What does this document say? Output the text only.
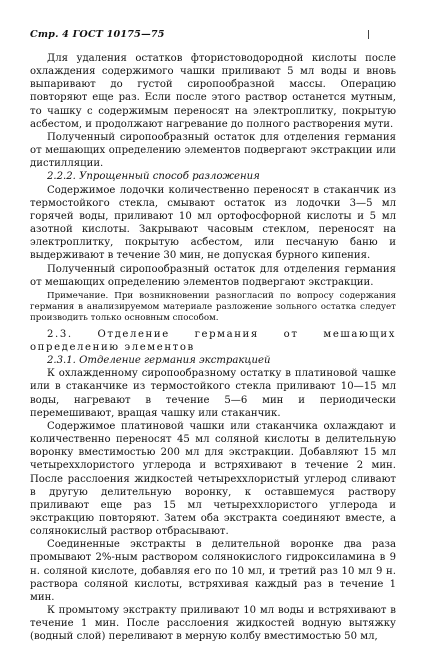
Стр. 4 ГОСТ 10175—75

Для удаления остатков фтористоводородной кислоты после охлаждения содержимого чашки приливают 5 мл воды и вновь выпаривают до густой сиропообразной массы. Операцию повторяют еще раз. Если после этого раствор останется мутным, то чашку с содержимым переносят на электроплитку, покрытую асбестом, и продолжают нагревание до полного растворения мути.

Полученный сиропообразный остаток для отделения германия от мешающих определению элементов подвергают экстракции или дистилляции.

2.2.2. Упрощенный способ разложения

Содержимое лодочки количественно переносят в стаканчик из термостойкого стекла, смывают остаток из лодочки 3—5 мл горячей воды, приливают 10 мл ортофосфорной кислоты и 5 мл азотной кислоты. Закрывают часовым стеклом, переносят на электроплитку, покрытую асбестом, или песчаную баню и выдерживают в течение 30 мин, не допуская бурного кипения.

Полученный сиропообразный остаток для отделения германия от мешающих определению элементов подвергают экстракции.

Примечание. При возникновении разногласий по вопросу содержания германия в анализируемом материале разложение зольного остатка следует производить только основным способом.

2.3. Отделение германия от мешающих определению элементов

2.3.1. Отделение германия экстракцией

К охлажденному сиропообразному остатку в платиновой чашке или в стаканчике из термостойкого стекла приливают 10—15 мл воды, нагревают в течение 5—6 мин и периодически перемешивают, вращая чашку или стаканчик.

Содержимое платиновой чашки или стаканчика охлаждают и количественно переносят 45 мл соляной кислоты в делительную воронку вместимостью 200 мл для экстракции. Добавляют 15 мл четыреххлористого углерода и встряхивают в течение 2 мин. После расслоения жидкостей четыреххлористый углерод сливают в другую делительную воронку, к оставшемуся раствору приливают еще раз 15 мл четыреххлористого углерода и экстракцию повторяют. Затем оба экстракта соединяют вместе, а солянокислый раствор отбрасывают.

Соединенные экстракты в делительной воронке два раза промывают 2%-ным раствором солянокислого гидроксиламина в 9 н. соляной кислоте, добавляя его по 10 мл, и третий раз 10 мл 9 н. раствора соляной кислоты, встряхивая каждый раз в течение 1 мин.

К промытому экстракту приливают 10 мл воды и встряхивают в течение 1 мин. После расслоения жидкостей водную вытяжку (водный слой) переливают в мерную колбу вместимостью 50 мл,
